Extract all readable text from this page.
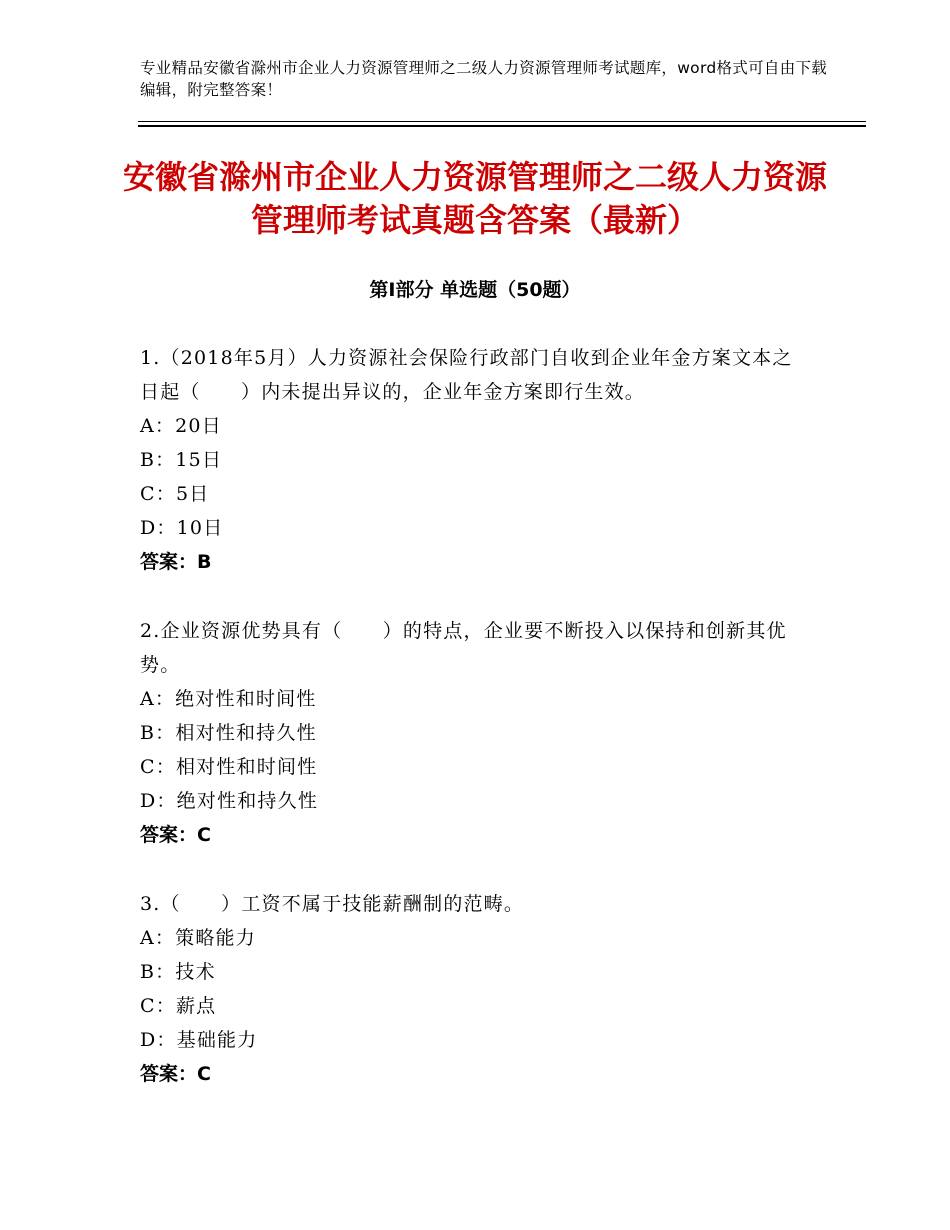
专业精品安徽省滁州市企业人力资源管理师之二级人力资源管理师考试题库，word格式可自由下载编辑，附完整答案！
安徽省滁州市企业人力资源管理师之二级人力资源管理师考试真题含答案（最新）
第Ⅰ部分 单选题（50题）
1.（2018年5月）人力资源社会保险行政部门自收到企业年金方案文本之日起（　　）内未提出异议的，企业年金方案即行生效。
A：20日
B：15日
C：5日
D：10日
答案：B
2.企业资源优势具有（　　）的特点，企业要不断投入以保持和创新其优势。
A：绝对性和时间性
B：相对性和持久性
C：相对性和时间性
D：绝对性和持久性
答案：C
3.（　　）工资不属于技能薪酬制的范畴。
A：策略能力
B：技术
C：薪点
D：基础能力
答案：C
